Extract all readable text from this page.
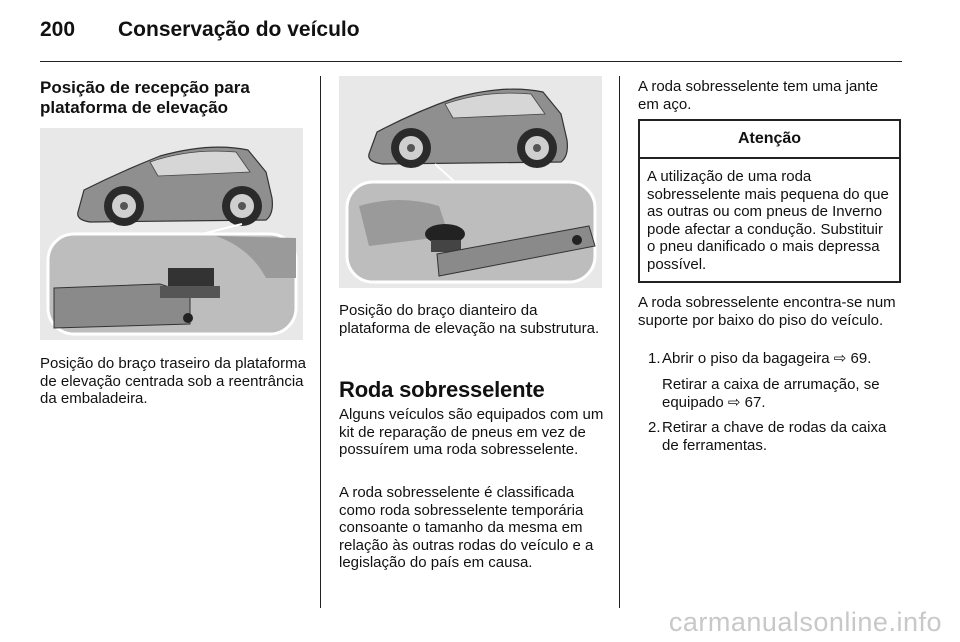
200 Conservação do veículo
Posição de recepção para plataforma de elevação
Posição do braço traseiro da plataforma de elevação centrada sob a reentrância da embaladeira.
Posição do braço dianteiro da plataforma de elevação na substrutura.
Roda sobresselente
Alguns veículos são equipados com um kit de reparação de pneus em vez de possuírem uma roda sobresselente.
A roda sobresselente é classificada como roda sobresselente temporária consoante o tamanho da mesma em relação às outras rodas do veículo e a legislação do país em causa.
A roda sobresselente tem uma jante em aço.
Atenção
A utilização de uma roda sobresselente mais pequena do que as outras ou com pneus de Inverno pode afectar a condução. Substituir o pneu danificado o mais depressa possível.
A roda sobresselente encontra-se num suporte por baixo do piso do veículo.
1. Abrir o piso da bagageira ⇨ 69.
Retirar a caixa de arrumação, se equipado ⇨ 67.
2. Retirar a chave de rodas da caixa de ferramentas.
carmanualsonline.info
